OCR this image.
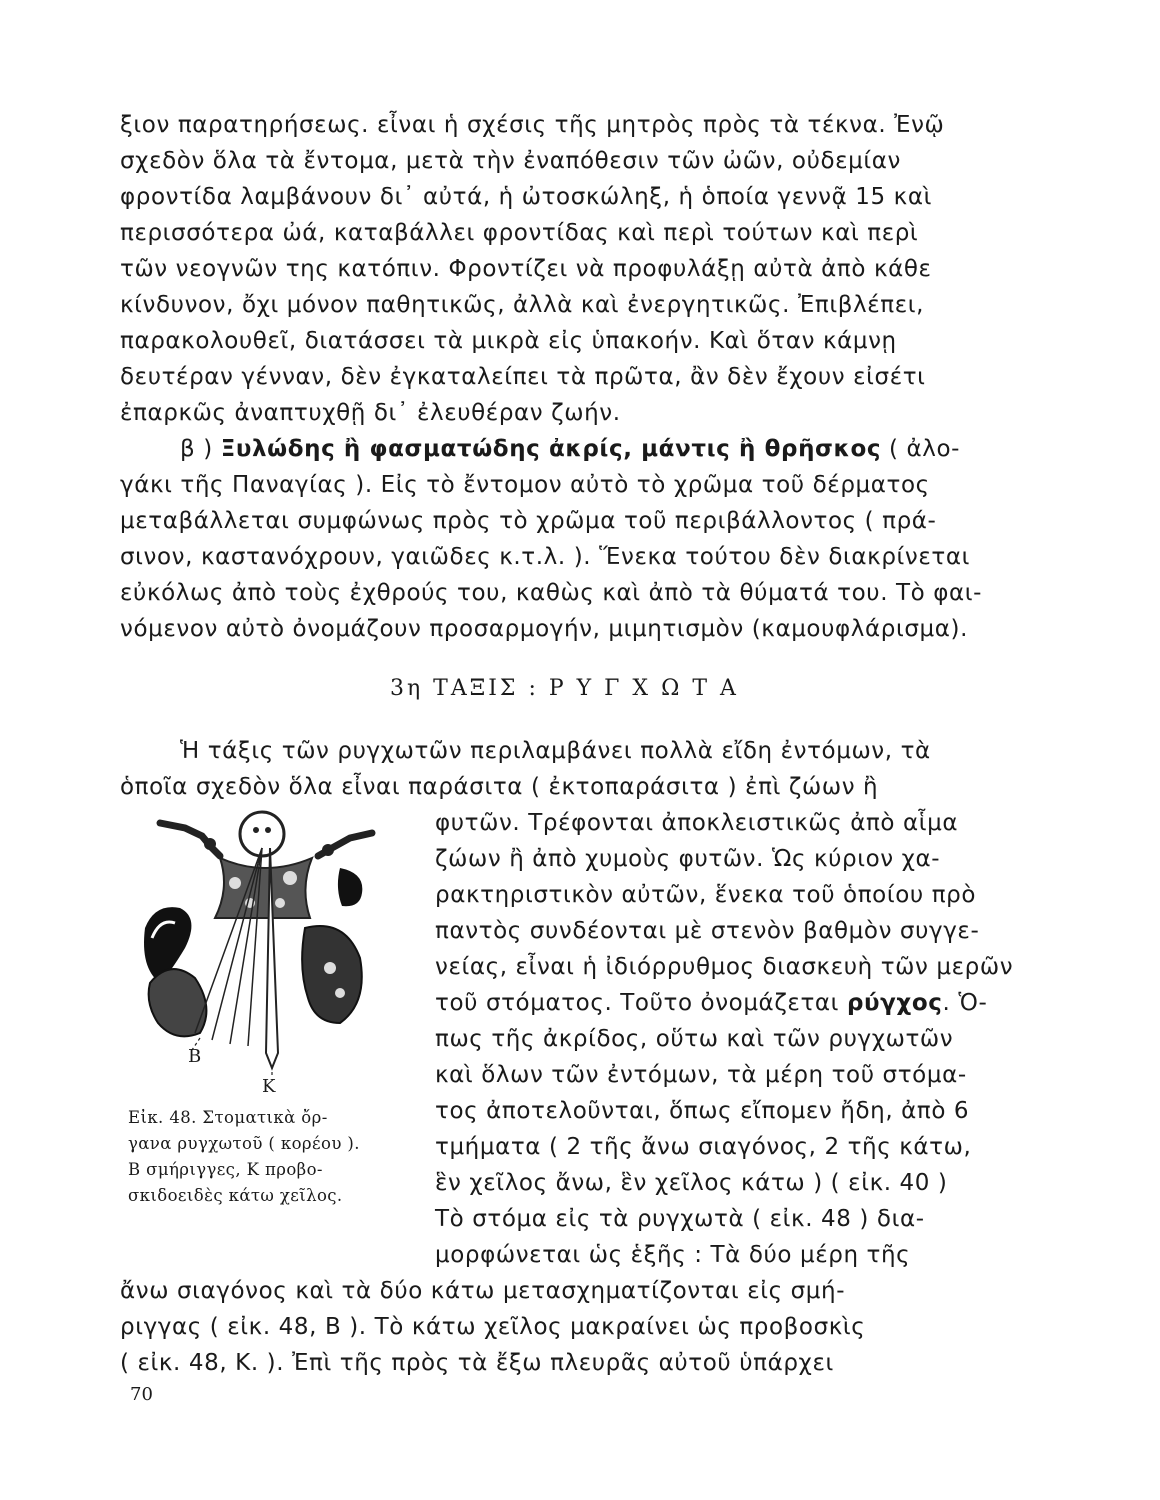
ξιον παρατηρήσεως. εἶναι ἡ σχέσις τῆς μητρὸς πρὸς τὰ τέκνα. Ἐνῷ
σχεδὸν ὅλα τὰ ἔντομα, μετὰ τὴν ἐναπόθεσιν τῶν ὠῶν, οὐδεμίαν
φροντίδα λαμβάνουν δι᾽ αὐτά, ἡ ὠτοσκώληξ, ἡ ὁποία γεννᾷ 15 καὶ
περισσότερα ὠά, καταβάλλει φροντίδας καὶ περὶ τούτων καὶ περὶ
τῶν νεογνῶν της κατόπιν. Φροντίζει νὰ προφυλάξῃ αὐτὰ ἀπὸ κάθε
κίνδυνον, ὄχι μόνον παθητικῶς, ἀλλὰ καὶ ἐνεργητικῶς. Ἐπιβλέπει,
παρακολουθεῖ, διατάσσει τὰ μικρὰ εἰς ὑπακοήν. Καὶ ὅταν κάμνῃ
δευτέραν γένναν, δὲν ἐγκαταλείπει τὰ πρῶτα, ἂν δὲν ἔχουν εἰσέτι
ἐπαρκῶς ἀναπτυχθῇ δι᾽ ἐλευθέραν ζωήν.
β ) Ξυλώδης ἢ φασματώδης ἀκρίς, μάντις ἢ θρῆσκος ( ἀλο-
γάκι τῆς Παναγίας ). Εἰς τὸ ἔντομον αὐτὸ τὸ χρῶμα τοῦ δέρματος
μεταβάλλεται συμφώνως πρὸς τὸ χρῶμα τοῦ περιβάλλοντος ( πρά-
σινον, καστανόχρουν, γαιῶδες κ.τ.λ. ). Ἕνεκα τούτου δὲν διακρίνεται
εὐκόλως ἀπὸ τοὺς ἐχθρούς του, καθὼς καὶ ἀπὸ τὰ θύματά του. Τὸ φαι-
νόμενον αὐτὸ ὀνομάζουν προσαρμογήν, μιμητισμὸν (καμουφλάρισμα).
3η ΤΑΞΙΣ : Ρ Υ Γ Χ Ω Τ Α
Ἡ τάξις τῶν ρυγχωτῶν περιλαμβάνει πολλὰ εἴδη ἐντόμων, τὰ
ὁποῖα σχεδὸν ὅλα εἶναι παράσιτα ( ἐκτοπαράσιτα ) ἐπὶ ζώων ἢ
φυτῶν. Τρέφονται ἀποκλειστικῶς ἀπὸ αἷμα
ζώων ἢ ἀπὸ χυμοὺς φυτῶν. Ὡς κύριον χα-
ρακτηριστικὸν αὐτῶν, ἕνεκα τοῦ ὁποίου πρὸ
παντὸς συνδέονται μὲ στενὸν βαθμὸν συγγε-
νείας, εἶναι ἡ ἰδιόρρυθμος διασκευὴ τῶν μερῶν
τοῦ στόματος. Τοῦτο ὀνομάζεται ρύγχος. Ὁ-
πως τῆς ἀκρίδος, οὕτω καὶ τῶν ρυγχωτῶν
καὶ ὅλων τῶν ἐντόμων, τὰ μέρη τοῦ στόμα-
τος ἀποτελοῦνται, ὅπως εἴπομεν ἤδη, ἀπὸ 6
τμήματα ( 2 τῆς ἄνω σιαγόνος, 2 τῆς κάτω,
ἓν χεῖλος ἄνω, ἓν χεῖλος κάτω ) ( εἰκ. 40 )
Τὸ στόμα εἰς τὰ ρυγχωτὰ ( εἰκ. 48 ) δια-
μορφώνεται ὡς ἑξῆς : Τὰ δύο μέρη τῆς
ἄνω σιαγόνος καὶ τὰ δύο κάτω μετασχηματίζονται εἰς σμή-
ριγγας ( εἰκ. 48, Β ). Τὸ κάτω χεῖλος μακραίνει ὡς προβοσκὶς
( εἰκ. 48, Κ. ). Ἐπὶ τῆς πρὸς τὰ ἔξω πλευρᾶς αὐτοῦ ὑπάρχει
B
K
Εἰκ. 48. Στοματικὰ ὄρ-
γανα ρυγχωτοῦ ( κορέου ).
Β σμήριγγες, Κ προβο-
σκιδοειδὲς κάτω χεῖλος.
70
